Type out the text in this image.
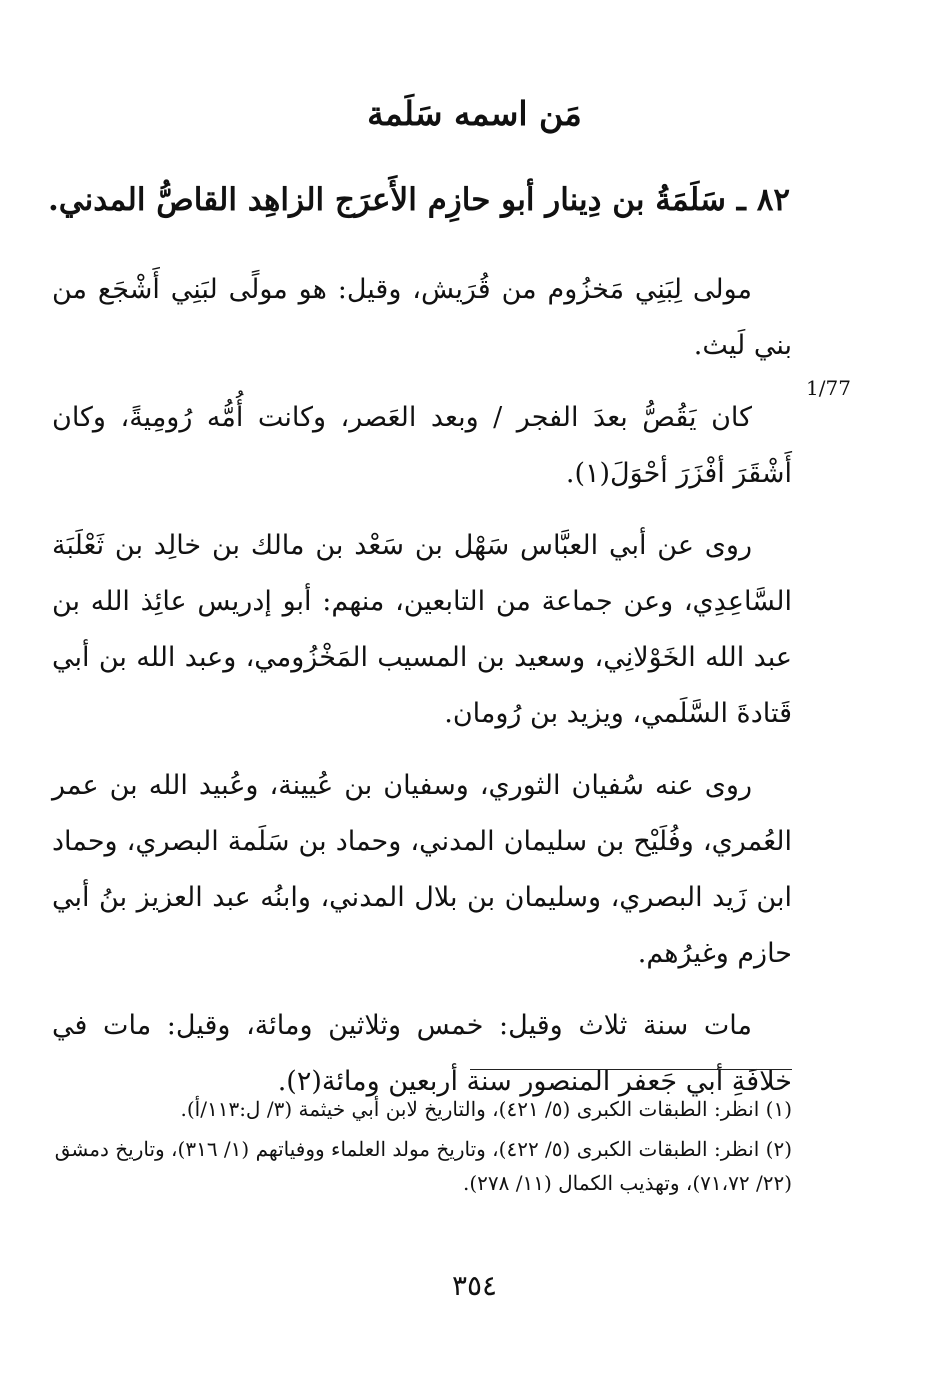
مَن اسمه سَلَمة
٨٢ ـ سَلَمَةُ بن دِينار أبو حازِم الأَعرَج الزاهِد القاصُّ المدني.
1/77

مولى لِبَنِي مَخزُوم من قُرَيش، وقيل: هو مولًى لبَنِي أَشْجَع من بني لَيث.

كان يَقُصُّ بعدَ الفجر / وبعد العَصر، وكانت أُمُّه رُومِيةً، وكان أَشْقَرَ أفْزَرَ أحْوَلَ(١).

روى عن أبي العبَّاس سَهْل بن سَعْد بن مالك بن خالِد بن ثَعْلَبَة السَّاعِدِي، وعن جماعة من التابعين، منهم: أبو إدريس عائِذ الله بن عبد الله الخَوْلانِي، وسعيد بن المسيب المَخْزُومي، وعبد الله بن أبي قَتادةَ السَّلَمي، ويزيد بن رُومان.

روى عنه سُفيان الثوري، وسفيان بن عُيينة، وعُبيد الله بن عمر العُمري، وفُلَيْح بن سليمان المدني، وحماد بن سَلَمة البصري، وحماد ابن زَيد البصري، وسليمان بن بلال المدني، وابنُه عبد العزيز بنُ أبي حازم وغيرُهم.

مات سنة ثلاث وقيل: خمس وثلاثين ومائة، وقيل: مات في خلافَةِ أبي جَعفر المنصور سنة أربعين ومائة(٢).

(١) انظر: الطبقات الكبرى (٥/ ٤٢١)، والتاريخ لابن أبي خيثمة (٣/ ل:١١٣/أ).

(٢) انظر: الطبقات الكبرى (٥/ ٤٢٢)، وتاريخ مولد العلماء ووفياتهم (١/ ٣١٦)، وتاريخ دمشق (٢٢/ ٧١،٧٢)، وتهذيب الكمال (١١/ ٢٧٨).

٣٥٤
